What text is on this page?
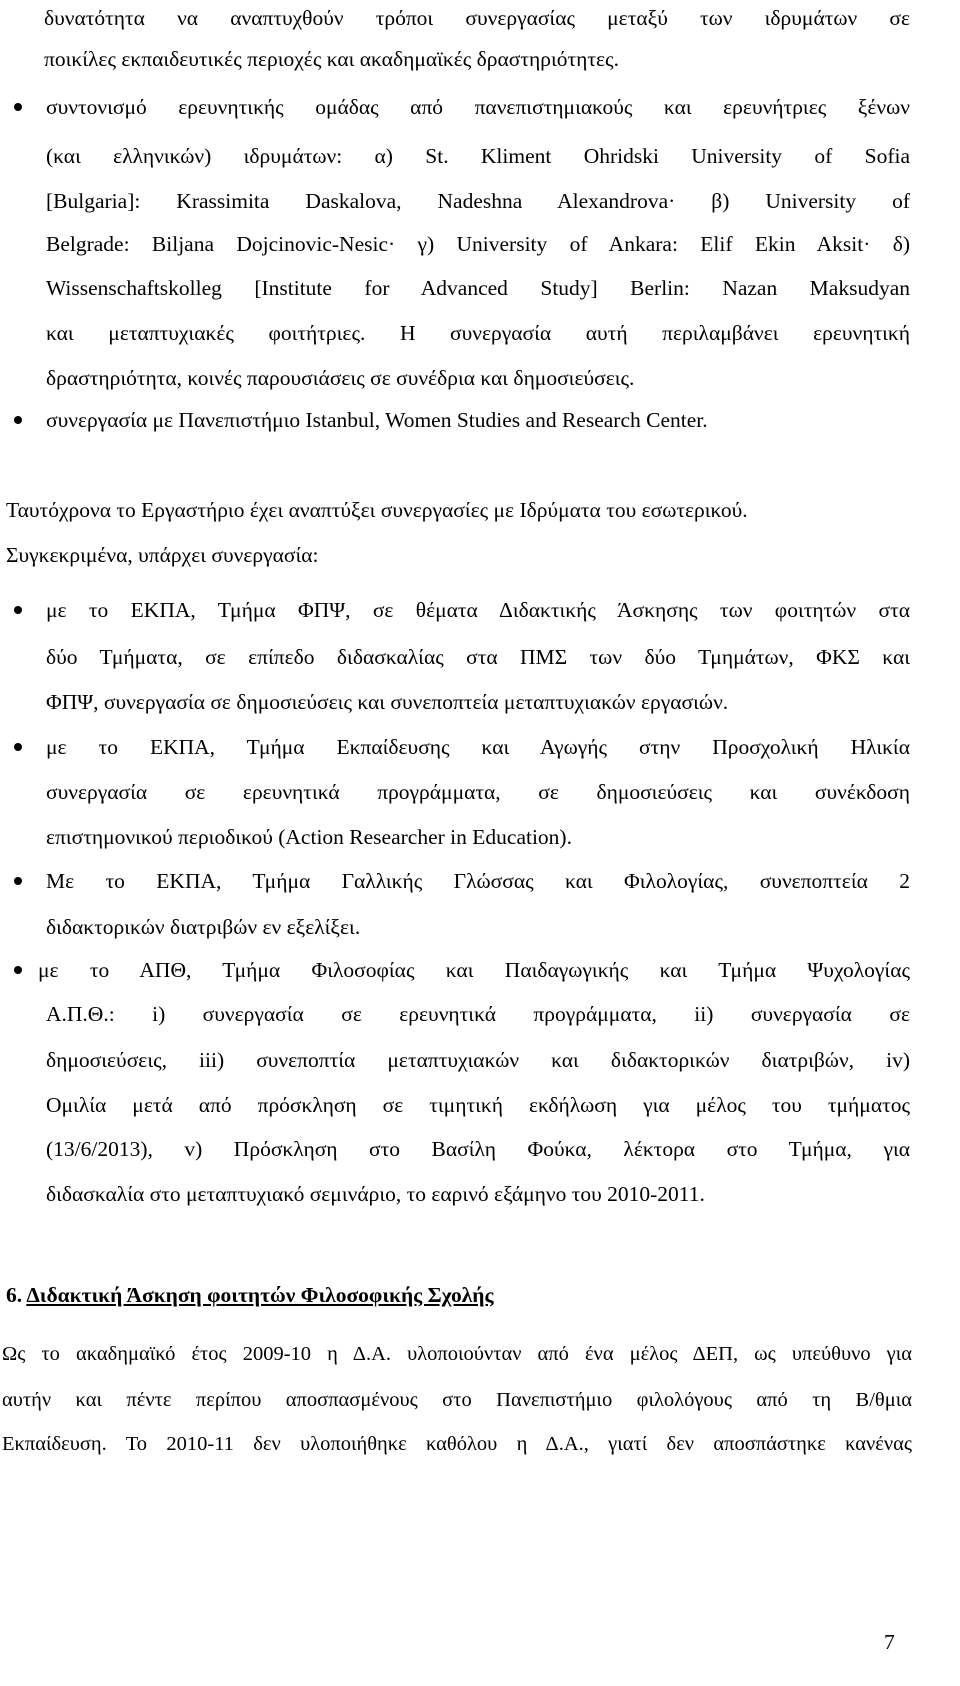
δυνατότητα να αναπτυχθούν τρόποι συνεργασίας μεταξύ των ιδρυμάτων σε
ποικίλες εκπαιδευτικές περιοχές και ακαδημαϊκές δραστηριότητες.
συντονισμό ερευνητικής ομάδας από πανεπιστημιακούς και ερευνήτριες ξένων
(και ελληνικών) ιδρυμάτων: α) St. Kliment Ohridski University of Sofia
[Bulgaria]: Krassimita Daskalova, Nadeshna Alexandrova· β) University of
Belgrade: Biljana Dojcinovic-Nesic· γ) University of Ankara: Elif Ekin Aksit· δ)
Wissenschaftskolleg [Institute for Advanced Study] Berlin: Nazan Maksudyan
και μεταπτυχιακές φοιτήτριες. Η συνεργασία αυτή περιλαμβάνει ερευνητική
δραστηριότητα, κοινές παρουσιάσεις σε συνέδρια και δημοσιεύσεις.
συνεργασία με Πανεπιστήμιο Istanbul, Women Studies and Research Center.
Ταυτόχρονα το Εργαστήριο έχει αναπτύξει συνεργασίες με Ιδρύματα του εσωτερικού.
Συγκεκριμένα, υπάρχει συνεργασία:
με το ΕΚΠΑ, Τμήμα ΦΠΨ, σε θέματα Διδακτικής Άσκησης των φοιτητών στα
δύο Τμήματα, σε επίπεδο διδασκαλίας στα ΠΜΣ των δύο Τμημάτων, ΦΚΣ και
ΦΠΨ, συνεργασία σε δημοσιεύσεις και συνεποπτεία μεταπτυχιακών εργασιών.
με το ΕΚΠΑ, Τμήμα Εκπαίδευσης και Αγωγής στην Προσχολική Ηλικία
συνεργασία σε ερευνητικά προγράμματα, σε δημοσιεύσεις και συνέκδοση
επιστημονικού περιοδικού (Action Researcher in Education).
Με το ΕΚΠΑ, Τμήμα Γαλλικής Γλώσσας και Φιλολογίας, συνεποπτεία 2
διδακτορικών διατριβών εν εξελίξει.
με το ΑΠΘ, Τμήμα Φιλοσοφίας και Παιδαγωγικής και Τμήμα Ψυχολογίας
Α.Π.Θ.: i) συνεργασία σε ερευνητικά προγράμματα, ii) συνεργασία σε
δημοσιεύσεις, iii) συνεποπτία μεταπτυχιακών και διδακτορικών διατριβών, iv)
Ομιλία μετά από πρόσκληση σε τιμητική εκδήλωση για μέλος του τμήματος
(13/6/2013), v) Πρόσκληση στο Βασίλη Φούκα, λέκτορα στο Τμήμα, για
διδασκαλία στο μεταπτυχιακό σεμινάριο, το εαρινό εξάμηνο του 2010-2011.
6. Διδακτική Άσκηση φοιτητών Φιλοσοφικής Σχολής
Ως το ακαδημαϊκό έτος 2009-10 η Δ.Α. υλοποιούνταν από ένα μέλος ΔΕΠ, ως υπεύθυνο για
αυτήν και πέντε περίπου αποσπασμένους στο Πανεπιστήμιο φιλολόγους από τη Β/θμια
Εκπαίδευση. Το 2010-11 δεν υλοποιήθηκε καθόλου η Δ.Α., γιατί δεν αποσπάστηκε κανένας
7
